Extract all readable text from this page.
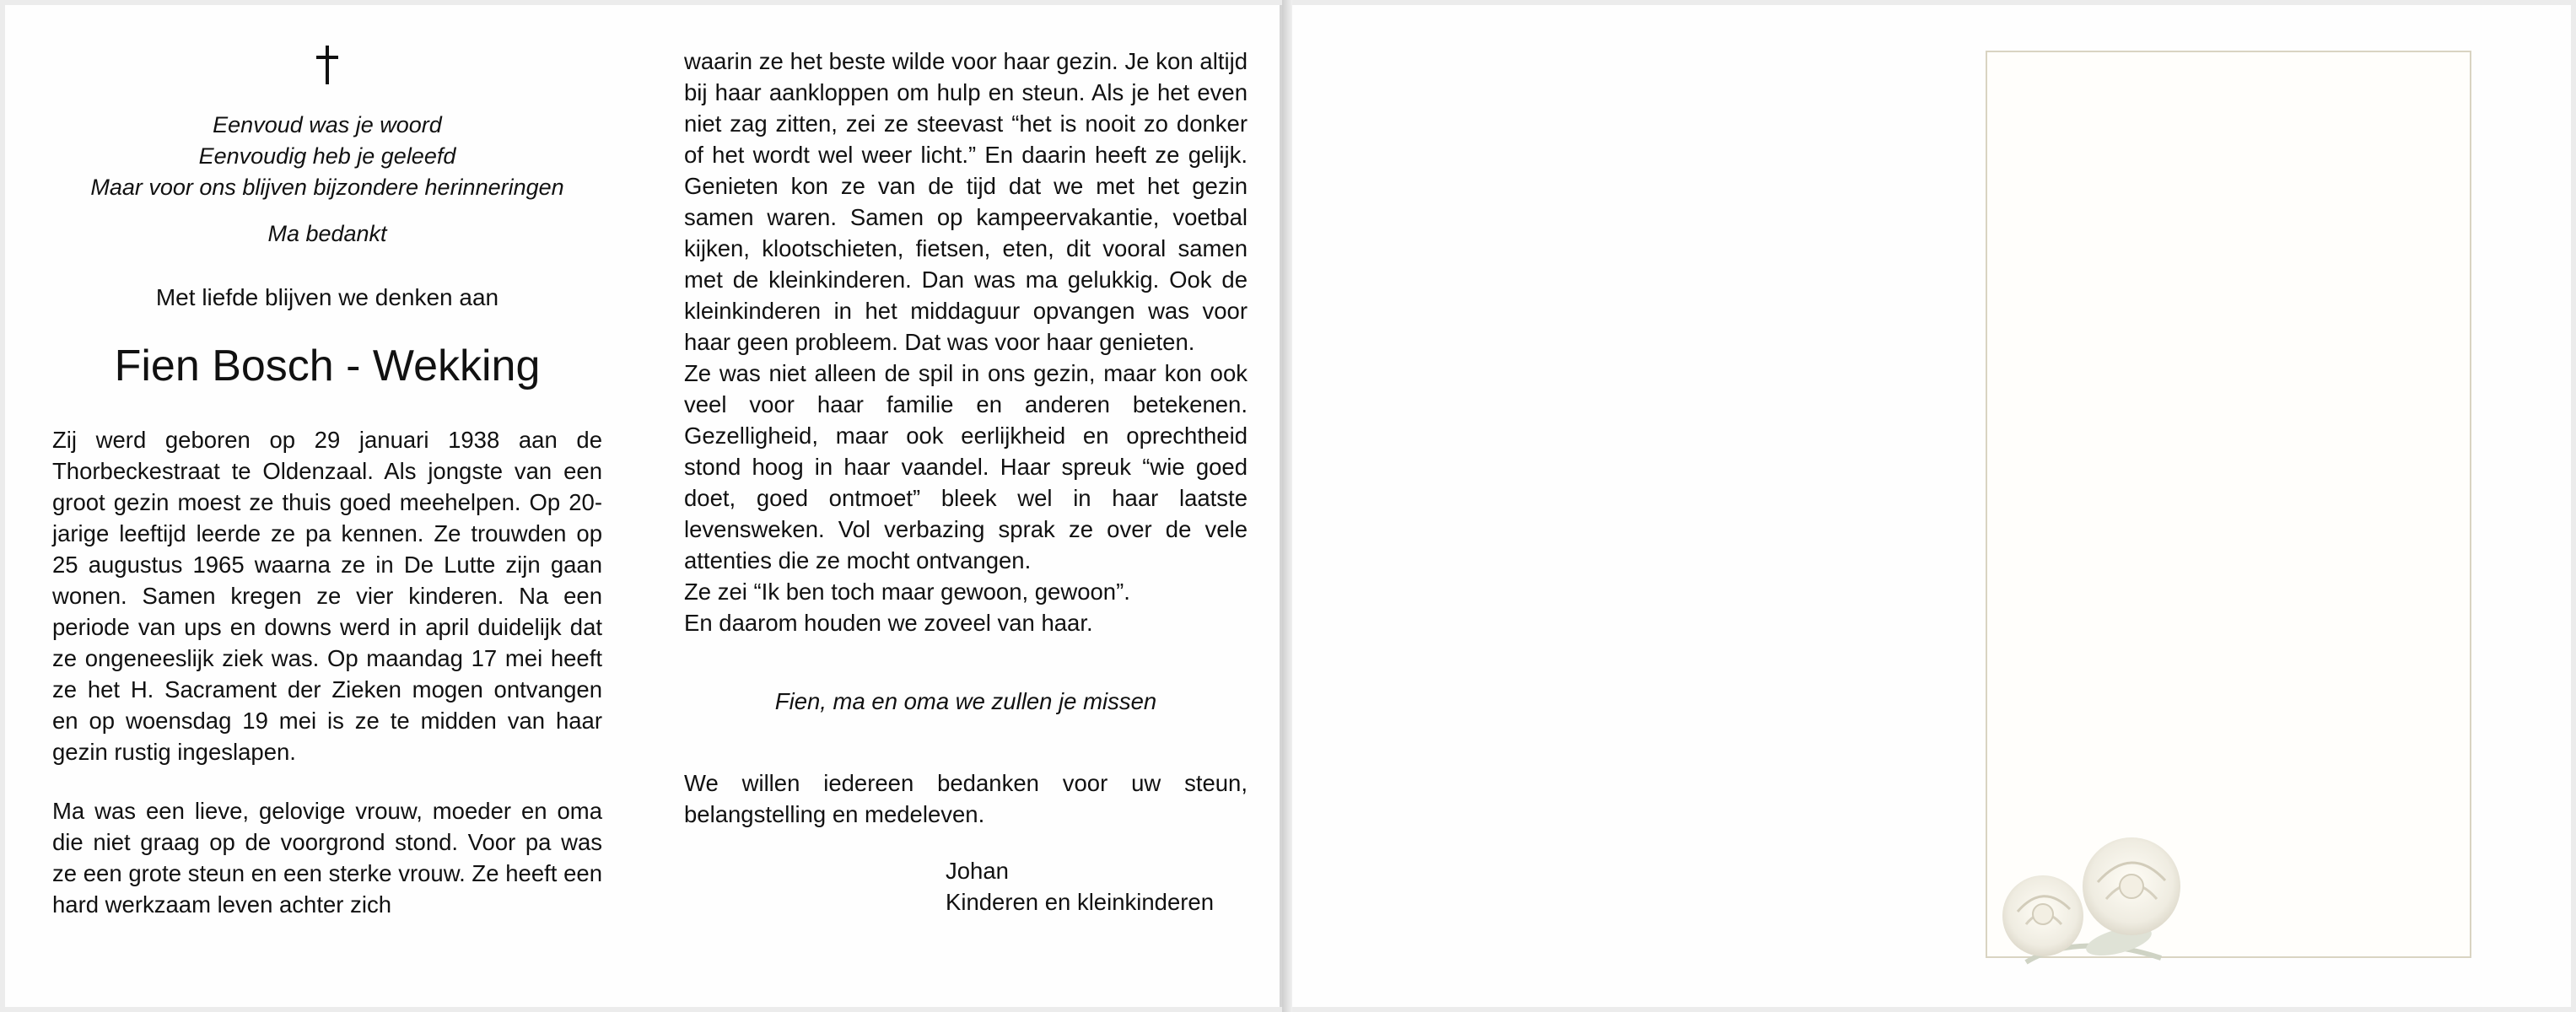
Eenvoud was je woord
Eenvoudig heb je geleefd
Maar voor ons blijven bijzondere herinneringen
Ma bedankt
Met liefde blijven we denken aan
Fien Bosch - Wekking

Zij werd geboren op 29 januari 1938 aan de Thorbeckestraat te Oldenzaal. Als jongste van een groot gezin moest ze thuis goed meehelpen. Op 20- jarige leeftijd leerde ze pa kennen. Ze trouwden op 25 augustus 1965 waarna ze in De Lutte zijn gaan wonen. Samen kregen ze vier kinderen. Na een periode van ups en downs werd in april duidelijk dat ze ongeneeslijk ziek was. Op maandag 17 mei heeft ze het H. Sacrament der Zieken mogen ontvangen en op woensdag 19 mei is ze te midden van haar gezin rustig ingeslapen.

Ma was een lieve, gelovige vrouw, moeder en oma die niet graag op de voorgrond stond. Voor pa was ze een grote steun en een sterke vrouw. Ze heeft een hard werkzaam leven achter zich

waarin ze het beste wilde voor haar gezin. Je kon altijd bij haar aankloppen om hulp en steun. Als je het even niet zag zitten, zei ze steevast “het is nooit zo donker of het wordt wel weer licht.” En daarin heeft ze gelijk. Genieten kon ze van de tijd dat we met het gezin samen waren. Samen op kampeervakantie, voetbal kijken, klootschieten, fietsen, eten, dit vooral samen met de kleinkinderen. Dan was ma gelukkig. Ook de kleinkinderen in het middaguur opvangen was voor haar geen probleem. Dat was voor haar genieten.
Ze was niet alleen de spil in ons gezin, maar kon ook veel voor haar familie en anderen betekenen. Gezelligheid, maar ook eerlijkheid en oprechtheid stond hoog in haar vaandel. Haar spreuk “wie goed doet, goed ontmoet” bleek wel in haar laatste levensweken. Vol verbazing sprak ze over de vele attenties die ze mocht ontvangen.
Ze zei “Ik ben toch maar gewoon, gewoon”.
En daarom houden we zoveel van haar.
Fien, ma en oma we zullen je missen
We willen iedereen bedanken voor uw steun, belangstelling en medeleven.
Johan
Kinderen en kleinkinderen
